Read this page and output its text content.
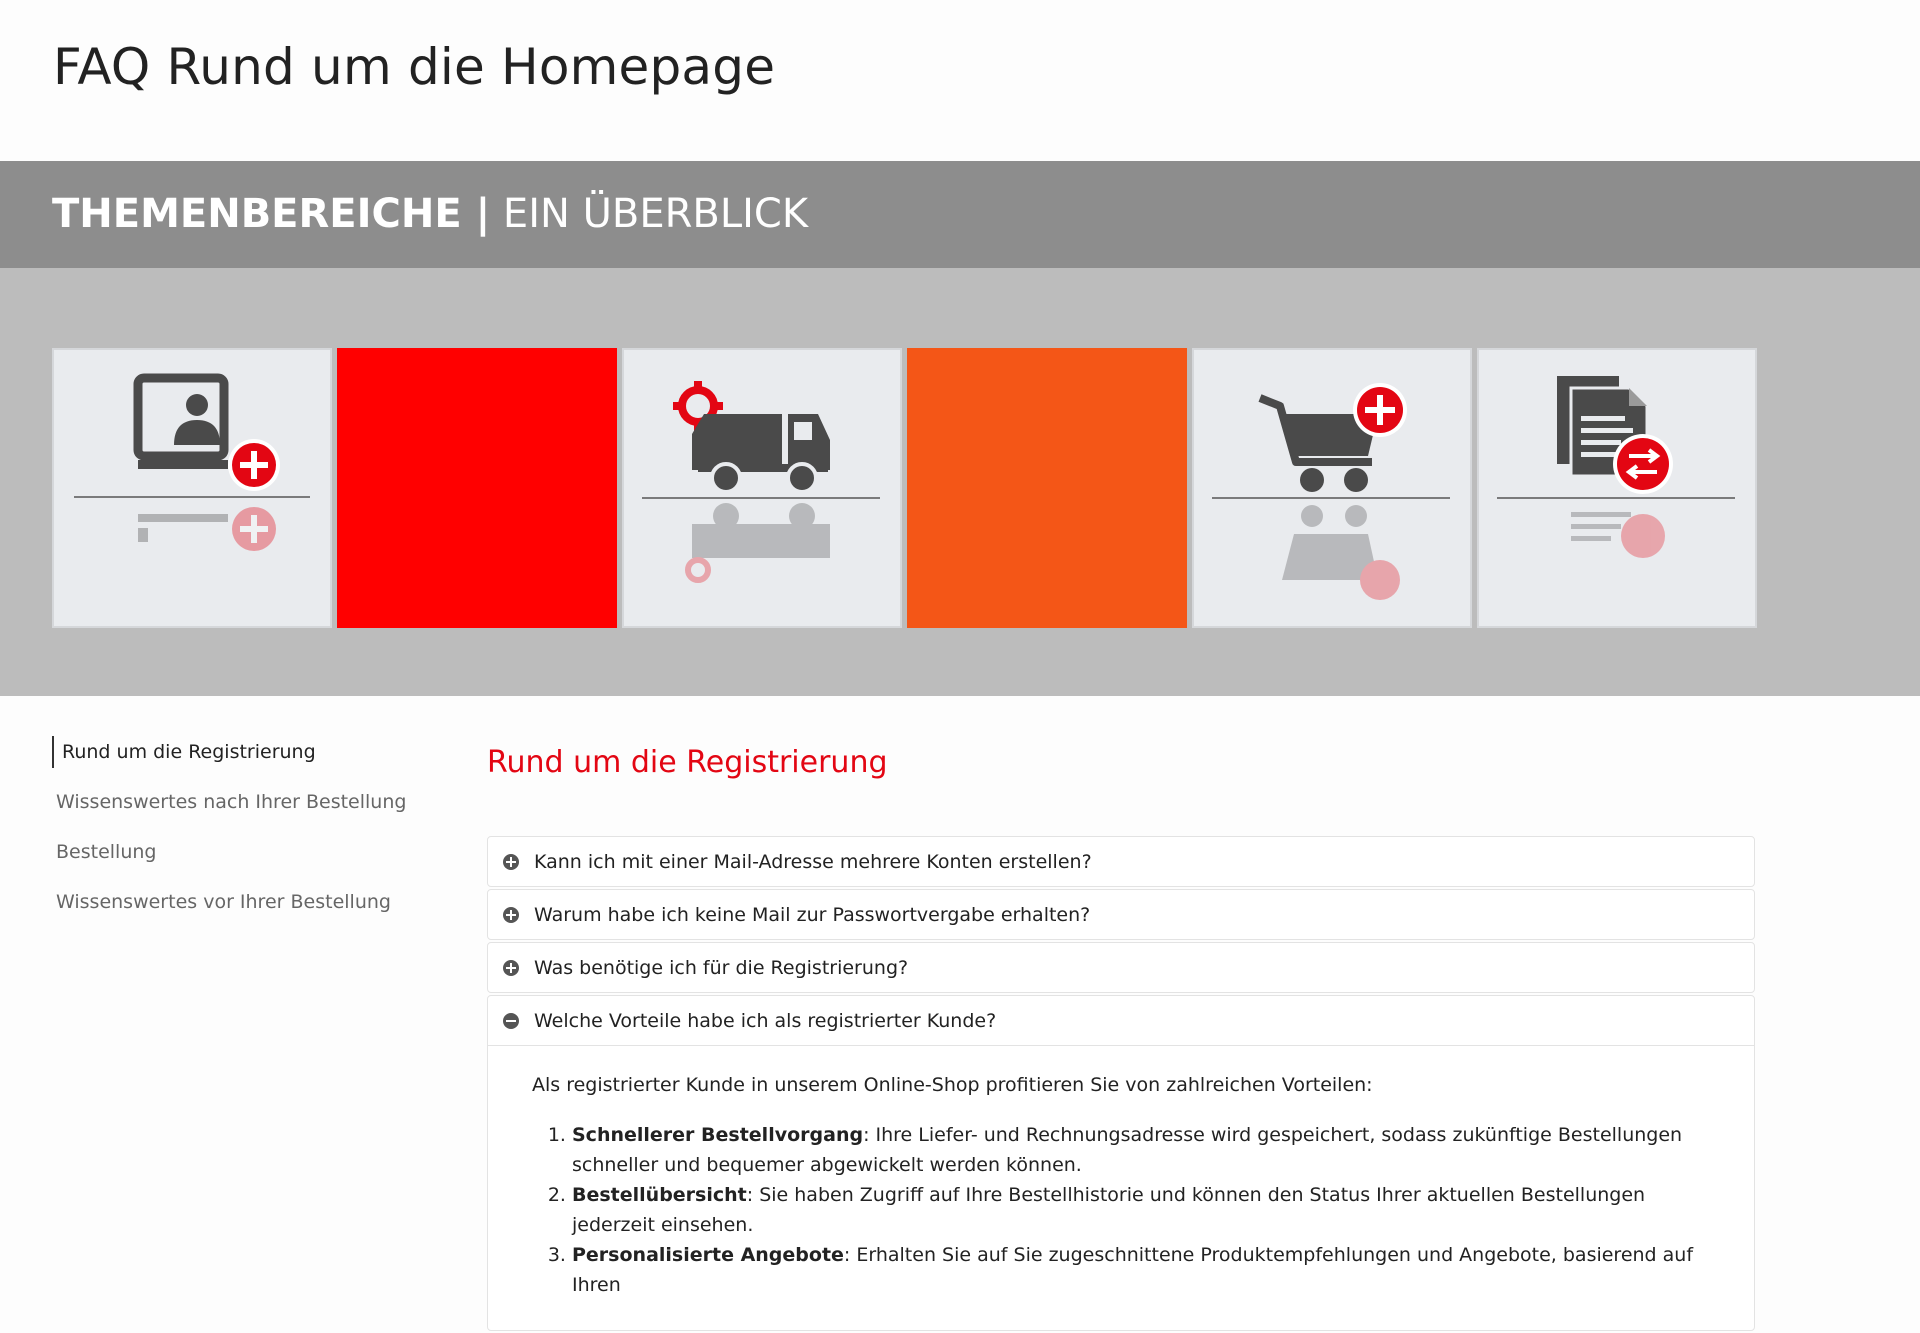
FAQ Rund um die Homepage
THEMENBEREICHE | EIN ÜBERBLICK
Rund um die Registrierung
Wissenswertes nach Ihrer Bestellung
Bestellung
Wissenswertes vor Ihrer Bestellung
Rund um die Registrierung
Kann ich mit einer Mail-Adresse mehrere Konten erstellen?
Warum habe ich keine Mail zur Passwortvergabe erhalten?
Was benötige ich für die Registrierung?
Welche Vorteile habe ich als registrierter Kunde?

Als registrierter Kunde in unserem Online-Shop profitieren Sie von zahlreichen Vorteilen:

1. Schnellerer Bestellvorgang: Ihre Liefer- und Rechnungsadresse wird gespeichert, sodass zukünftige Bestellungen schneller und bequemer abgewickelt werden können.
2. Bestellübersicht: Sie haben Zugriff auf Ihre Bestellhistorie und können den Status Ihrer aktuellen Bestellungen jederzeit einsehen.
3. Personalisierte Angebote: Erhalten Sie auf Sie zugeschnittene Produktempfehlungen und Angebote, basierend auf Ihren
